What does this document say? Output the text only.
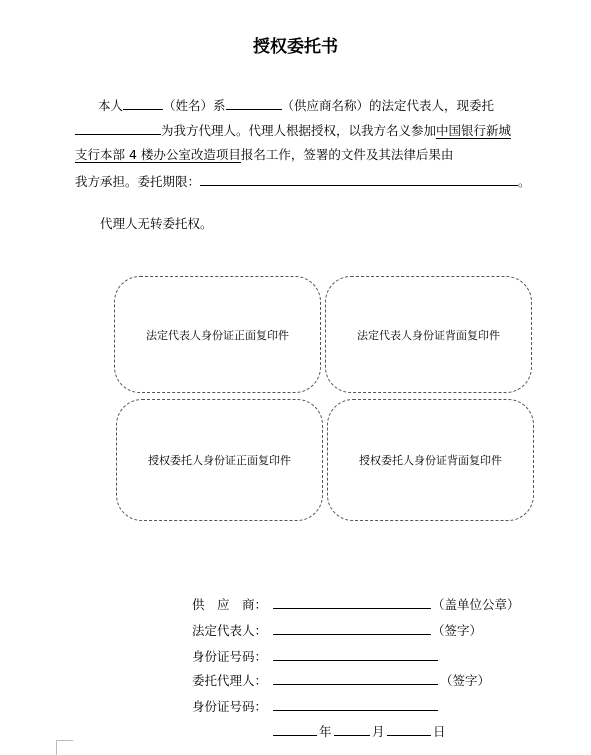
授权委托书
本人	（姓名）系	（供应商名称）的法定代表人，现委托
为我方代理人。代理人根据授权，以我方名义参加中国银行新城
支行本部 4 楼办公室改造项目报名工作，签署的文件及其法律后果由
我方承担。委托期限：	。
代理人无转委托权。
法定代表人身份证正面复印件	法定代表人身份证背面复印件
授权委托人身份证正面复印件	授权委托人身份证背面复印件
供　应　商：	（盖单位公章）
法定代表人：	（签字）
身份证号码：
委托代理人：	（签字）
身份证号码：
年	月	日
